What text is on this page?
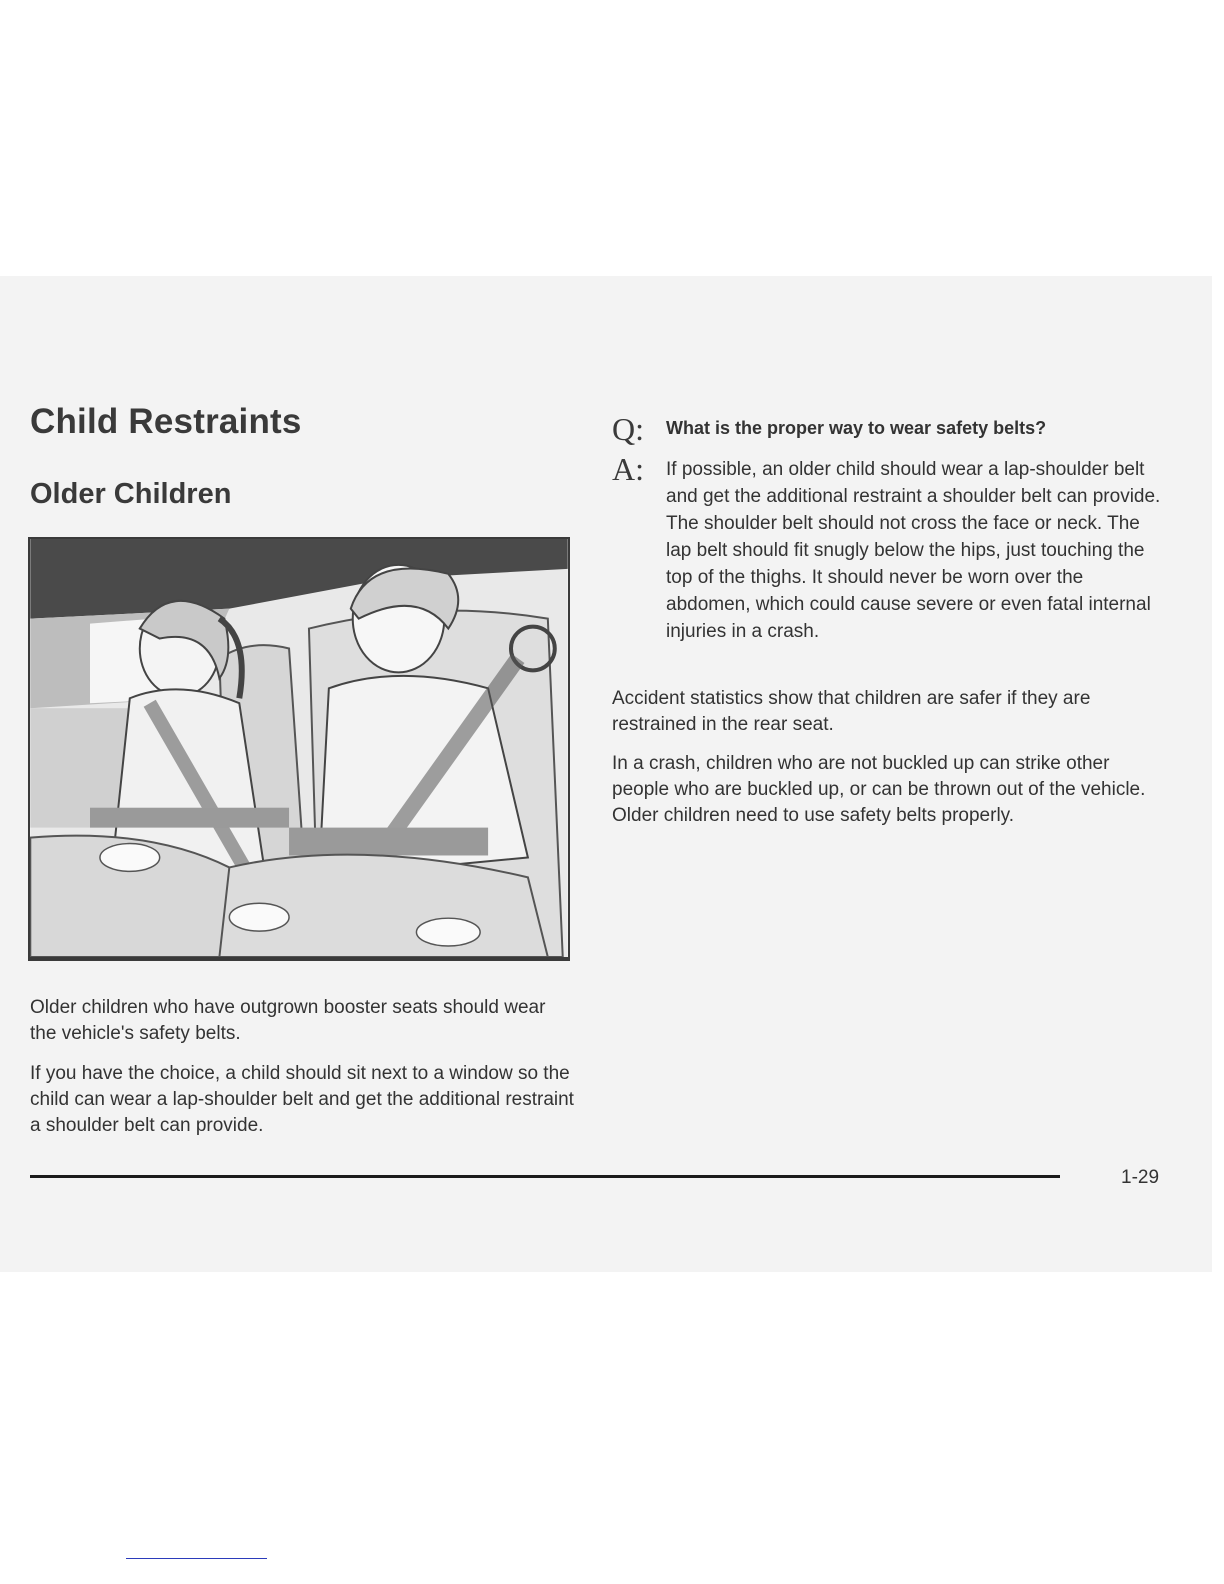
Child Restraints
Older Children

Older children who have outgrown booster seats should wear the vehicle's safety belts.

If you have the choice, a child should sit next to a window so the child can wear a lap-shoulder belt and get the additional restraint a shoulder belt can provide.

Q: What is the proper way to wear safety belts?

A: If possible, an older child should wear a lap-shoulder belt and get the additional restraint a shoulder belt can provide. The shoulder belt should not cross the face or neck. The lap belt should fit snugly below the hips, just touching the top of the thighs. It should never be worn over the abdomen, which could cause severe or even fatal internal injuries in a crash.

Accident statistics show that children are safer if they are restrained in the rear seat.

In a crash, children who are not buckled up can strike other people who are buckled up, or can be thrown out of the vehicle. Older children need to use safety belts properly.

1-29
